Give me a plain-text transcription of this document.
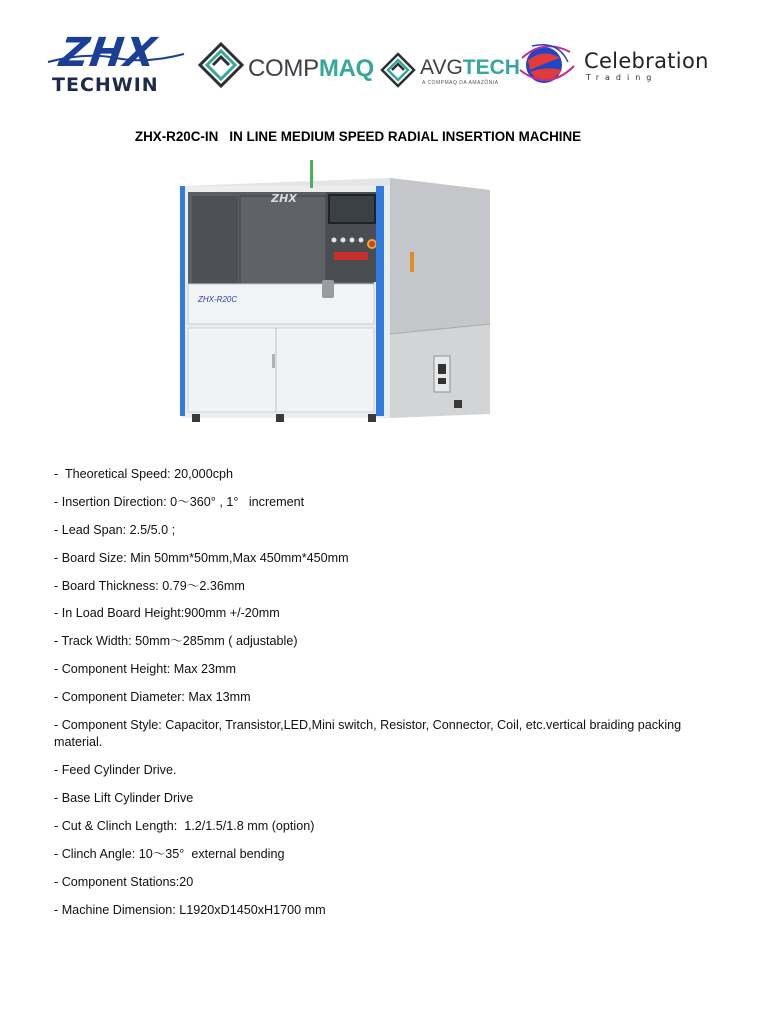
ZHX
TECHWIN
COMPMAQ AVGTECH
A COMPMAQ DA AMAZÔNIA
Celebration
Trading
ZHX-R20C-IN   IN LINE MEDIUM SPEED RADIAL INSERTION MACHINE
ZHX
ZHX-R20C
-  Theoretical Speed: 20,000cph
- Insertion Direction: 0～360° , 1°   increment
- Lead Span: 2.5/5.0 ;
- Board Size: Min 50mm*50mm,Max 450mm*450mm
- Board Thickness: 0.79～2.36mm
- In Load Board Height:900mm +/-20mm
- Track Width: 50mm～285mm ( adjustable)
- Component Height: Max 23mm
- Component Diameter: Max 13mm
- Component Style: Capacitor, Transistor,LED,Mini switch, Resistor, Connector, Coil, etc.vertical braiding packing material.
- Feed Cylinder Drive.
- Base Lift Cylinder Drive
- Cut & Clinch Length:  1.2/1.5/1.8 mm (option)
- Clinch Angle: 10～35°  external bending
- Component Stations:20
- Machine Dimension: L1920xD1450xH1700 mm
